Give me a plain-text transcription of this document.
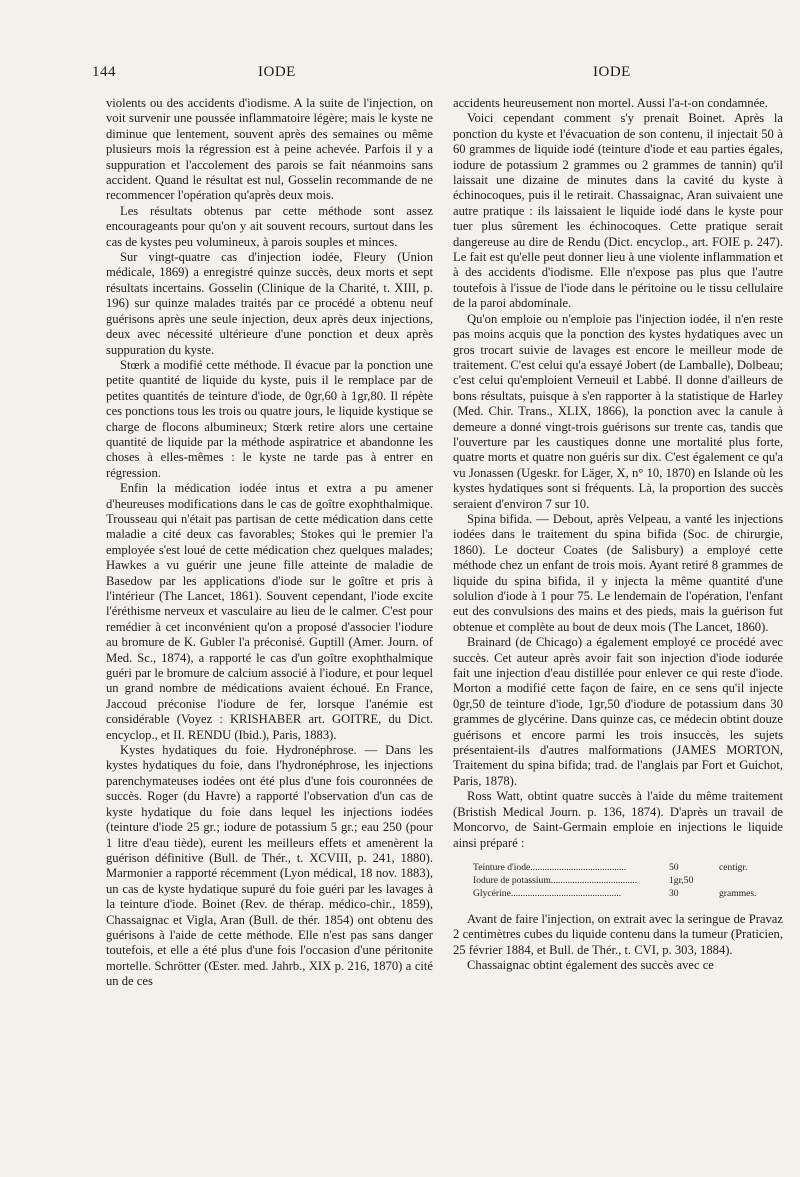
144	IODE	IODE

violents ou des accidents d'iodisme. A la suite de l'injection, on voit survenir une poussée inflammatoire légère; mais le kyste ne diminue que lentement, souvent après des semaines ou même plusieurs mois la régression est à peine achevée. Parfois il y a suppuration et l'accolement des parois se fait néanmoins sans accident. Quand le résultat est nul, Gosselin recommande de ne recommencer l'opération qu'après deux mois.

Les résultats obtenus par cette méthode sont assez encourageants pour qu'on y ait souvent recours, surtout dans les cas de kystes peu volumineux, à parois souples et minces.

Sur vingt-quatre cas d'injection iodée, Fleury (Union médicale, 1869) a enregistré quinze succès, deux morts et sept résultats incertains. Gosselin (Clinique de la Charité, t. XIII, p. 196) sur quinze malades traités par ce procédé a obtenu neuf guérisons après une seule injection, deux après deux injections, deux avec nécessité ultérieure d'une ponction et deux après suppuration du kyste.

Stœrk a modifié cette méthode. Il évacue par la ponction une petite quantité de liquide du kyste, puis il le remplace par de petites quantités de teinture d'iode, de 0gr,60 à 1gr,80. Il répète ces ponctions tous les trois ou quatre jours, le liquide kystique se charge de flocons albumineux; Stœrk retire alors une certaine quantité de liquide par la méthode aspiratrice et abandonne les choses à elles-mêmes : le kyste ne tarde pas à entrer en régression.

Enfin la médication iodée intus et extra a pu amener d'heureuses modifications dans le cas de goître exophthalmique. Trousseau qui n'était pas partisan de cette médication dans cette maladie a cité deux cas favorables; Stokes qui le premier l'a employée s'est loué de cette médication chez quelques malades; Hawkes a vu guérir une jeune fille atteinte de maladie de Basedow par les applications d'iode sur le goître et pris à l'intérieur (The Lancet, 1861). Souvent cependant, l'iode excite l'éréthisme nerveux et vasculaire au lieu de le calmer. C'est pour remédier à cet inconvénient qu'on a proposé d'associer l'iodure au bromure de K. Gubler l'a préconisé. Guptill (Amer. Journ. of Med. Sc., 1874), a rapporté le cas d'un goître exophthalmique guéri par le bromure de calcium associé à l'iodure, et pour lequel un grand nombre de médications avaient échoué. En France, Jaccoud préconise l'iodure de fer, lorsque l'anémie est considérable (Voyez : KRISHABER art. GOITRE, du Dict. encyclop., et II. RENDU (Ibid.), Paris, 1883).

Kystes hydatiques du foie. Hydronéphrose. — Dans les kystes hydatiques du foie, dans l'hydronéphrose, les injections parenchymateuses iodées ont été plus d'une fois couronnées de succès. Roger (du Havre) a rapporté l'observation d'un cas de kyste hydatique du foie dans lequel les injections iodées (teinture d'iode 25 gr.; iodure de potassium 5 gr.; eau 250 (pour 1 litre d'eau tiède), eurent les meilleurs effets et amenèrent la guérison définitive (Bull. de Thér., t. XCVIII, p. 241, 1880). Marmonier a rapporté récemment (Lyon médical, 18 nov. 1883), un cas de kyste hydatique supuré du foie guéri par les lavages à la teinture d'iode. Boinet (Rev. de thérap. médico-chir., 1859), Chassaignac et Vigla, Aran (Bull. de thér. 1854) ont obtenu des guérisons à l'aide de cette méthode. Elle n'est pas sans danger toutefois, et elle a été plus d'une fois l'occasion d'une péritonite mortelle. Schrötter (Œster. med. Jahrb., XIX p. 216, 1870) a cité un de ces

accidents heureusement non mortel. Aussi l'a-t-on condamnée.

Voici cependant comment s'y prenait Boinet. Après la ponction du kyste et l'évacuation de son contenu, il injectait 50 à 60 grammes de liquide iodé (teinture d'iode et eau parties égales, iodure de potassium 2 grammes ou 2 grammes de tannin) qu'il laissait une dizaine de minutes dans la cavité du kyste à échinocoques, puis il le retirait. Chassaignac, Aran suivaient une autre pratique : ils laissaient le liquide iodé dans le kyste pour tuer plus sûrement les échinocoques. Cette pratique serait dangereuse au dire de Rendu (Dict. encyclop., art. FOIE p. 247). Le fait est qu'elle peut donner lieu à une violente inflammation et à des accidents d'iodisme. Elle n'expose pas plus que l'autre toutefois à l'issue de l'iode dans le péritoine ou le tissu cellulaire de la paroi abdominale.

Qu'on emploie ou n'emploie pas l'injection iodée, il n'en reste pas moins acquis que la ponction des kystes hydatiques avec un gros trocart suivie de lavages est encore le meilleur mode de traitement. C'est celui qu'a essayé Jobert (de Lamballe), Dolbeau; c'est celui qu'emploient Verneuil et Labbé. Il donne d'ailleurs de bons résultats, puisque à s'en rapporter à la statistique de Harley (Med. Chir. Trans., XLIX, 1866), la ponction avec la canule à demeure a donné vingt-trois guérisons sur trente cas, tandis que l'ouverture par les caustiques donne une mortalité plus forte, quatre morts et quatre non guéris sur dix. C'est également ce qu'a vu Jonassen (Ugeskr. for Läger, X, n° 10, 1870) en Islande où les kystes hydatiques sont si fréquents. Là, la proportion des succès seraient d'environ 7 sur 10.

Spina bifida. — Debout, après Velpeau, a vanté les injections iodées dans le traitement du spina bifida (Soc. de chirurgie, 1860). Le docteur Coates (de Salisbury) a employé cette méthode chez un enfant de trois mois. Ayant retiré 8 grammes de liquide du spina bifida, il y injecta la même quantité d'une solulion d'iode à 1 pour 75. Le lendemain de l'opération, l'enfant eut des convulsions des mains et des pieds, mais la guérison fut obtenue et complète au bout de deux mois (The Lancet, 1860).

Brainard (de Chicago) a également employé ce procédé avec succès. Cet auteur après avoir fait son injection d'iode iodurée fait une injection d'eau distillée pour enlever ce qui reste d'iode. Morton a modifié cette façon de faire, en ce sens qu'il injecte 0gr,50 de teinture d'iode, 1gr,50 d'iodure de potassium dans 30 grammes de glycérine. Dans quinze cas, ce médecin obtint douze guérisons et encore parmi les trois insuccès, les sujets présentaient-ils d'autres malformations (JAMES MORTON, Traitement du spina bifida; trad. de l'anglais par Fort et Guichot, Paris, 1878).

Ross Watt, obtint quatre succès à l'aide du même traitement (Bristish Medical Journ. p. 136, 1874). D'après un travail de Moncorvo, de Saint-Germain emploie en injections le liquide ainsi préparé :

Teinture d'iode........................................	50	centigr.
Iodure de potassium....................................	1gr,50	
Glycérine..............................................	30	grammes.

Avant de faire l'injection, on extrait avec la seringue de Pravaz 2 centimètres cubes du liquide contenu dans la tumeur (Praticien, 25 février 1884, et Bull. de Thér., t. CVI, p. 303, 1884).

Chassaignac obtint également des succès avec ce
